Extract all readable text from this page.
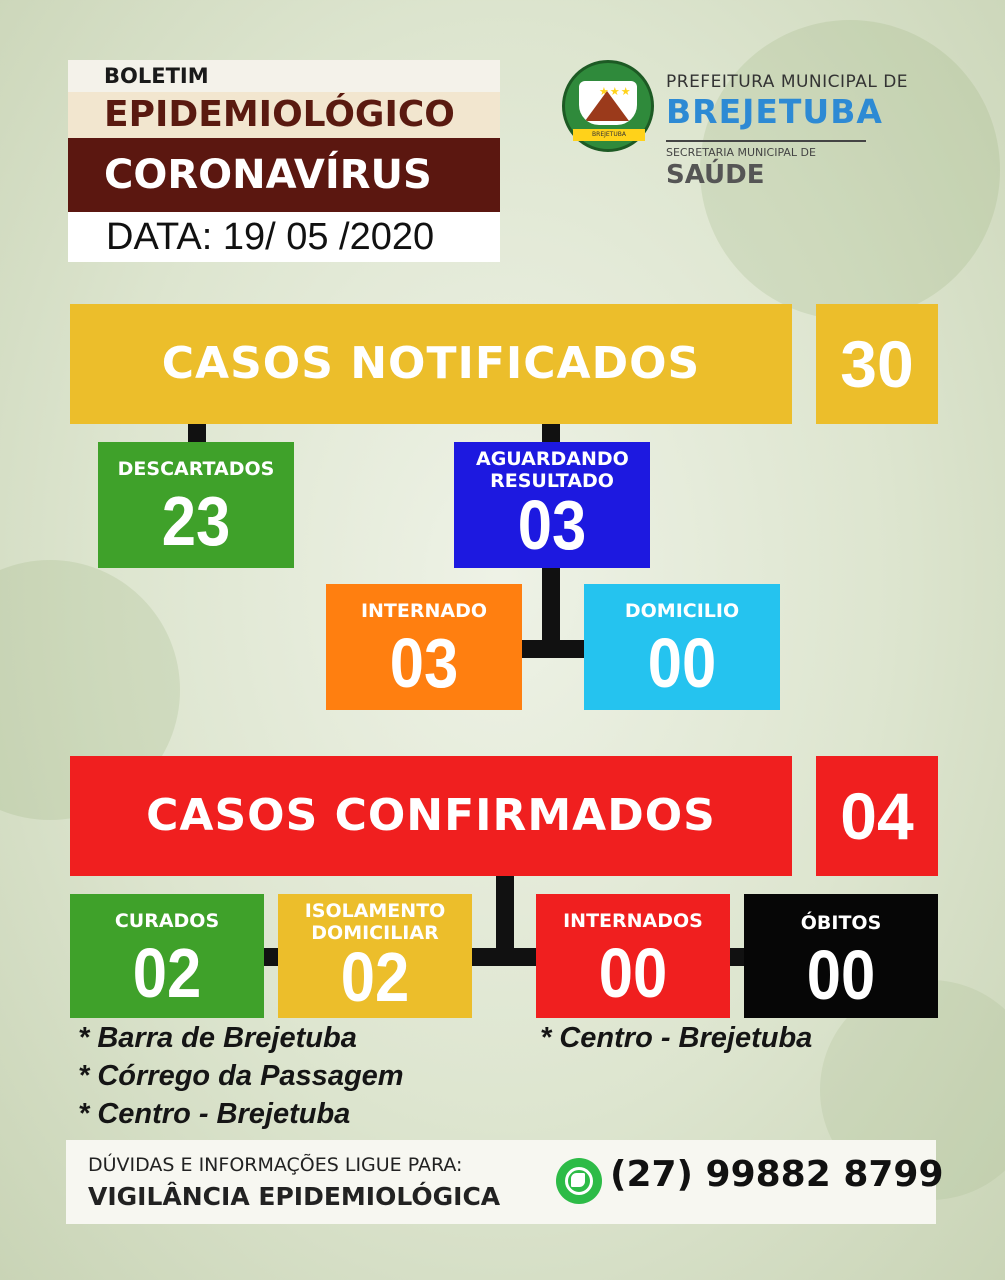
BOLETIM
EPIDEMIOLÓGICO
CORONAVÍRUS
DATA: 19/ 05 /2020
★★★
BREJETUBA
PREFEITURA MUNICIPAL DE
BREJETUBA
SECRETARIA MUNICIPAL DE
SAÚDE
CASOS NOTIFICADOS	30
DESCARTADOS
23
AGUARDANDO RESULTADO
03
INTERNADO
03
DOMICILIO
00
CASOS CONFIRMADOS	04
CURADOS
02
ISOLAMENTO DOMICILIAR
02
INTERNADOS
00
ÓBITOS
00
* Barra de Brejetuba
* Córrego da Passagem
* Centro - Brejetuba
* Centro - Brejetuba
DÚVIDAS E INFORMAÇÕES LIGUE PARA:
VIGILÂNCIA EPIDEMIOLÓGICA
(27) 99882 8799
